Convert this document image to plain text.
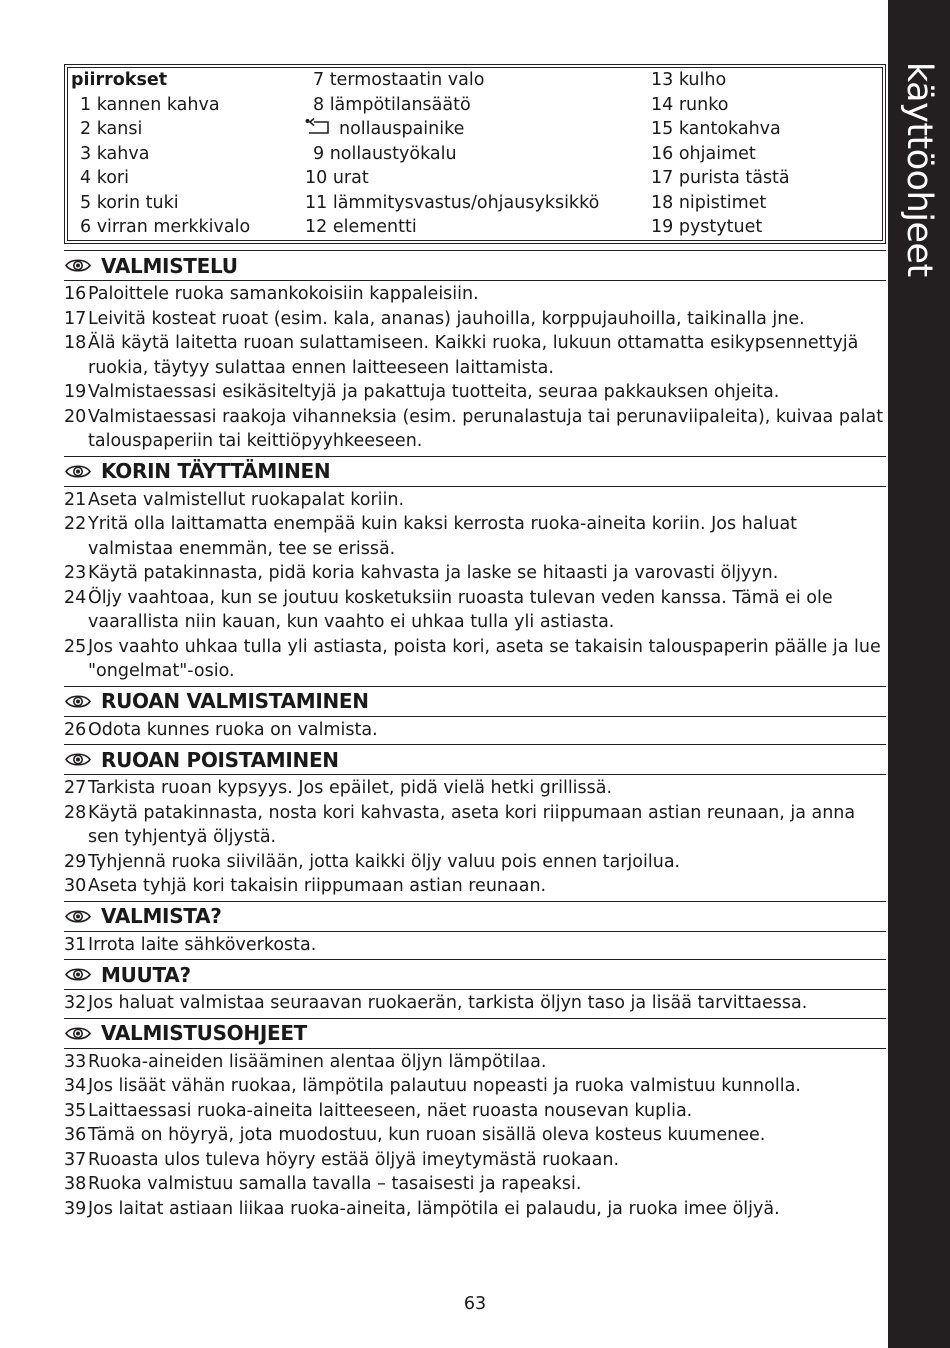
käyttöohjeet
piirrokset
1 kannen kahva
2 kansi
3 kahva
4 kori
5 korin tuki
6 virran merkkivalo
7 termostaatin valo
8 lämpötilansäätö
nollauspainike
9 nollaustyökalu
10 urat
11 lämmitysvastus/ohjausyksikkö
12 elementti
13 kulho
14 runko
15 kantokahva
16 ohjaimet
17 purista tästä
18 nipistimet
19 pystytuet
VALMISTELU
16Paloittele ruoka samankokoisiin kappaleisiin.
17Leivitä kosteat ruoat (esim. kala, ananas) jauhoilla, korppujauhoilla, taikinalla jne.
18Älä käytä laitetta ruoan sulattamiseen. Kaikki ruoka, lukuun ottamatta esikypsennettyjä ruokia, täytyy sulattaa ennen laitteeseen laittamista.
19Valmistaessasi esikäsiteltyjä ja pakattuja tuotteita, seuraa pakkauksen ohjeita.
20Valmistaessasi raakoja vihanneksia (esim. perunalastuja tai perunaviipaleita), kuivaa palat talouspaperiin tai keittiöpyyhkeeseen.
KORIN TÄYTTÄMINEN
21Aseta valmistellut ruokapalat koriin.
22Yritä olla laittamatta enempää kuin kaksi kerrosta ruoka-aineita koriin. Jos haluat valmistaa enemmän, tee se erissä.
23Käytä patakinnasta, pidä koria kahvasta ja laske se hitaasti ja varovasti öljyyn.
24Öljy vaahtoaa, kun se joutuu kosketuksiin ruoasta tulevan veden kanssa. Tämä ei ole vaarallista niin kauan, kun vaahto ei uhkaa tulla yli astiasta.
25Jos vaahto uhkaa tulla yli astiasta, poista kori, aseta se takaisin talouspaperin päälle ja lue "ongelmat"-osio.
RUOAN VALMISTAMINEN
26Odota kunnes ruoka on valmista.
RUOAN POISTAMINEN
27Tarkista ruoan kypsyys. Jos epäilet, pidä vielä hetki grillissä.
28Käytä patakinnasta, nosta kori kahvasta, aseta kori riippumaan astian reunaan, ja anna sen tyhjentyä öljystä.
29Tyhjennä ruoka siivilään, jotta kaikki öljy valuu pois ennen tarjoilua.
30Aseta tyhjä kori takaisin riippumaan astian reunaan.
VALMISTA?
31Irrota laite sähköverkosta.
MUUTA?
32Jos haluat valmistaa seuraavan ruokaerän, tarkista öljyn taso ja lisää tarvittaessa.
VALMISTUSOHJEET
33Ruoka-aineiden lisääminen alentaa öljyn lämpötilaa.
34Jos lisäät vähän ruokaa, lämpötila palautuu nopeasti ja ruoka valmistuu kunnolla.
35Laittaessasi ruoka-aineita laitteeseen, näet ruoasta nousevan kuplia.
36Tämä on höyryä, jota muodostuu, kun ruoan sisällä oleva kosteus kuumenee.
37Ruoasta ulos tuleva höyry estää öljyä imeytymästä ruokaan.
38Ruoka valmistuu samalla tavalla – tasaisesti ja rapeaksi.
39Jos laitat astiaan liikaa ruoka-aineita, lämpötila ei palaudu, ja ruoka imee öljyä.
63
